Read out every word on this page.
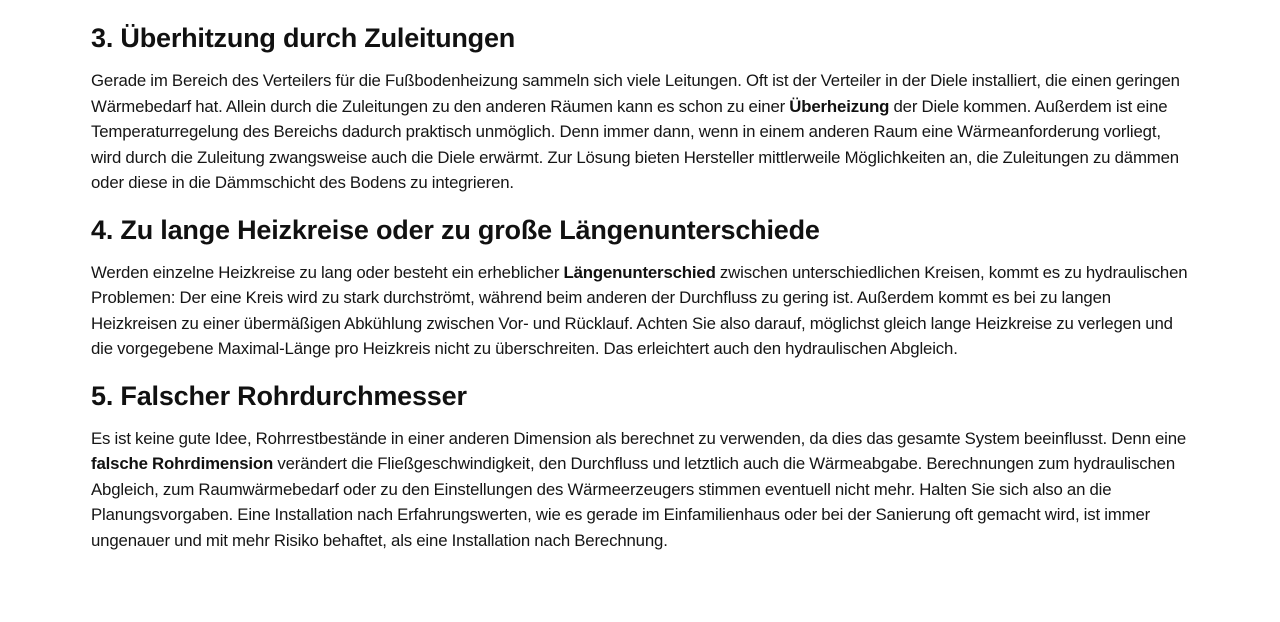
3. Überhitzung durch Zuleitungen

Gerade im Bereich des Verteilers für die Fußbodenheizung sammeln sich viele Leitungen. Oft ist der Verteiler in der Diele installiert, die einen geringen Wärmebedarf hat. Allein durch die Zuleitungen zu den anderen Räumen kann es schon zu einer Überheizung der Diele kommen. Außerdem ist eine Temperaturregelung des Bereichs dadurch praktisch unmöglich. Denn immer dann, wenn in einem anderen Raum eine Wärmeanforderung vorliegt, wird durch die Zuleitung zwangsweise auch die Diele erwärmt. Zur Lösung bieten Hersteller mittlerweile Möglichkeiten an, die Zuleitungen zu dämmen oder diese in die Dämmschicht des Bodens zu integrieren.

4. Zu lange Heizkreise oder zu große Längenunterschiede

Werden einzelne Heizkreise zu lang oder besteht ein erheblicher Längenunterschied zwischen unterschiedlichen Kreisen, kommt es zu hydraulischen Problemen: Der eine Kreis wird zu stark durchströmt, während beim anderen der Durchfluss zu gering ist. Außerdem kommt es bei zu langen Heizkreisen zu einer übermäßigen Abkühlung zwischen Vor- und Rücklauf. Achten Sie also darauf, möglichst gleich lange Heizkreise zu verlegen und die vorgegebene Maximal-Länge pro Heizkreis nicht zu überschreiten. Das erleichtert auch den hydraulischen Abgleich.

5. Falscher Rohrdurchmesser

Es ist keine gute Idee, Rohrrestbestände in einer anderen Dimension als berechnet zu verwenden, da dies das gesamte System beeinflusst. Denn eine falsche Rohrdimension verändert die Fließgeschwindigkeit, den Durchfluss und letztlich auch die Wärmeabgabe. Berechnungen zum hydraulischen Abgleich, zum Raumwärmebedarf oder zu den Einstellungen des Wärmeerzeugers stimmen eventuell nicht mehr. Halten Sie sich also an die Planungsvorgaben. Eine Installation nach Erfahrungswerten, wie es gerade im Einfamilienhaus oder bei der Sanierung oft gemacht wird, ist immer ungenauer und mit mehr Risiko behaftet, als eine Installation nach Berechnung.
